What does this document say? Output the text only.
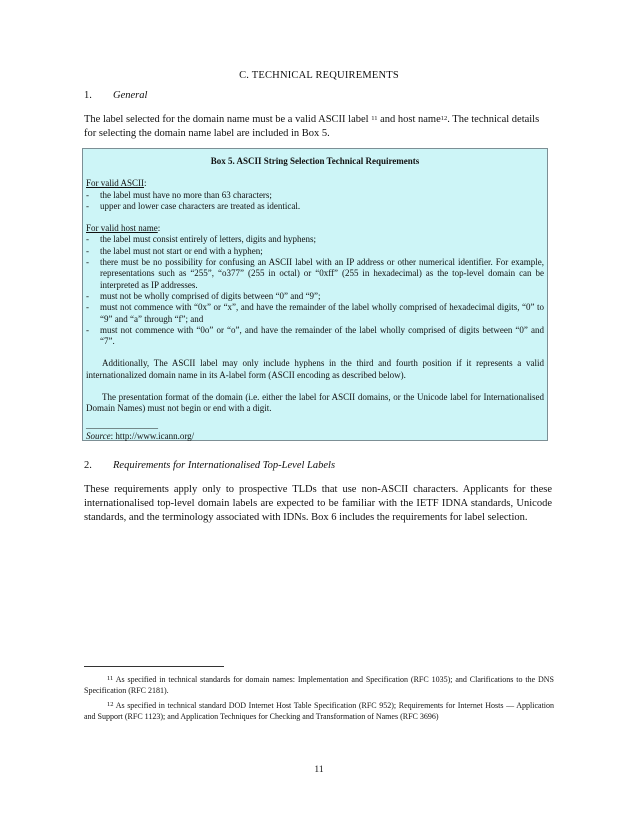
C. TECHNICAL REQUIREMENTS
1. General
The label selected for the domain name must be a valid ASCII label $^{11}$ and host name$^{12}$. The technical details for selecting the domain name label are included in Box 5.
Box 5. ASCII String Selection Technical Requirements
For valid ASCII:
-	the label must have no more than 63 characters;
-	upper and lower case characters are treated as identical.
For valid host name:
-	the label must consist entirely of letters, digits and hyphens;
-	the label must not start or end with a hyphen;
-	there must be no possibility for confusing an ASCII label with an IP address or other numerical identifier. For example, representations such as “255”, “o377” (255 in octal) or “0xff” (255 in hexadecimal) as the top-level domain can be interpreted as IP addresses.
-	must not be wholly comprised of digits between “0” and “9”;
-	must not commence with “0x” or “x”, and have the remainder of the label wholly comprised of hexadecimal digits, “0” to “9” and “a” through “f”; and
-	must not commence with “0o” or “o”, and have the remainder of the label wholly comprised of digits between “0” and “7”.
Additionally, The ASCII label may only include hyphens in the third and fourth position if it represents a valid internationalized domain name in its A-label form (ASCII encoding as described below).
The presentation format of the domain (i.e. either the label for ASCII domains, or the Unicode label for Internationalised Domain Names) must not begin or end with a digit.
________________
Source: http://www.icann.org/
2. Requirements for Internationalised Top-Level Labels
These requirements apply only to prospective TLDs that use non-ASCII characters. Applicants for these internationalised top-level domain labels are expected to be familiar with the IETF IDNA standards, Unicode standards, and the terminology associated with IDNs. Box 6 includes the requirements for label selection.
$^{11}$ As specified in technical standards for domain names: Implementation and Specification (RFC 1035); and Clarifications to the DNS Specification (RFC 2181).
$^{12}$ As specified in technical standard DOD Internet Host Table Specification (RFC 952); Requirements for Internet Hosts — Application and Support (RFC 1123); and Application Techniques for Checking and Transformation of Names (RFC 3696)
11
